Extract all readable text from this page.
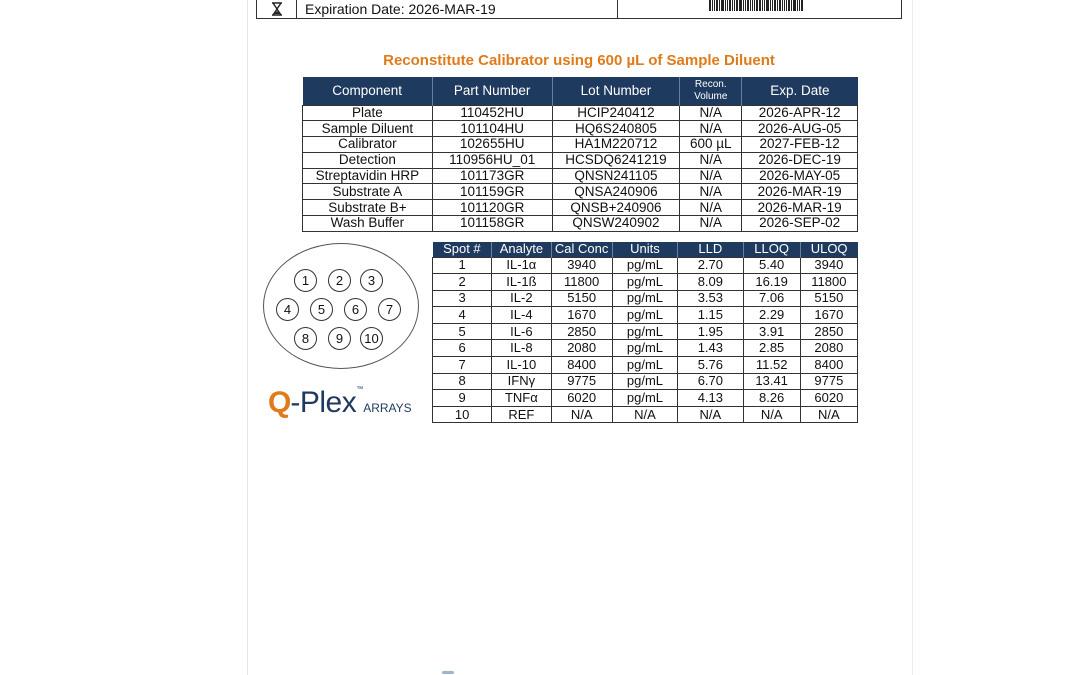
Expiration Date: 2026-MAR-19
Reconstitute Calibrator using 600 µL of Sample Diluent
Component	Part Number	Lot Number	Recon. Volume	Exp. Date
Plate	110452HU	HCIP240412	N/A	2026-APR-12
Sample Diluent	101104HU	HQ6S240805	N/A	2026-AUG-05
Calibrator	102655HU	HA1M220712	600 µL	2027-FEB-12
Detection	110956HU_01	HCSDQ6241219	N/A	2026-DEC-19
Streptavidin HRP	101173GR	QNSN241105	N/A	2026-MAY-05
Substrate A	101159GR	QNSA240906	N/A	2026-MAR-19
Substrate B+	101120GR	QNSB+240906	N/A	2026-MAR-19
Wash Buffer	101158GR	QNSW240902	N/A	2026-SEP-02
1	2	3
4	5	6	7
8	9	10
Q-Plex™ARRAYS
Spot #	Analyte	Cal Conc	Units	LLD	LLOQ	ULOQ
1	IL-1α	3940	pg/mL	2.70	5.40	3940
2	IL-1ß	11800	pg/mL	8.09	16.19	11800
3	IL-2	5150	pg/mL	3.53	7.06	5150
4	IL-4	1670	pg/mL	1.15	2.29	1670
5	IL-6	2850	pg/mL	1.95	3.91	2850
6	IL-8	2080	pg/mL	1.43	2.85	2080
7	IL-10	8400	pg/mL	5.76	11.52	8400
8	IFNγ	9775	pg/mL	6.70	13.41	9775
9	TNFα	6020	pg/mL	4.13	8.26	6020
10	REF	N/A	N/A	N/A	N/A	N/A
